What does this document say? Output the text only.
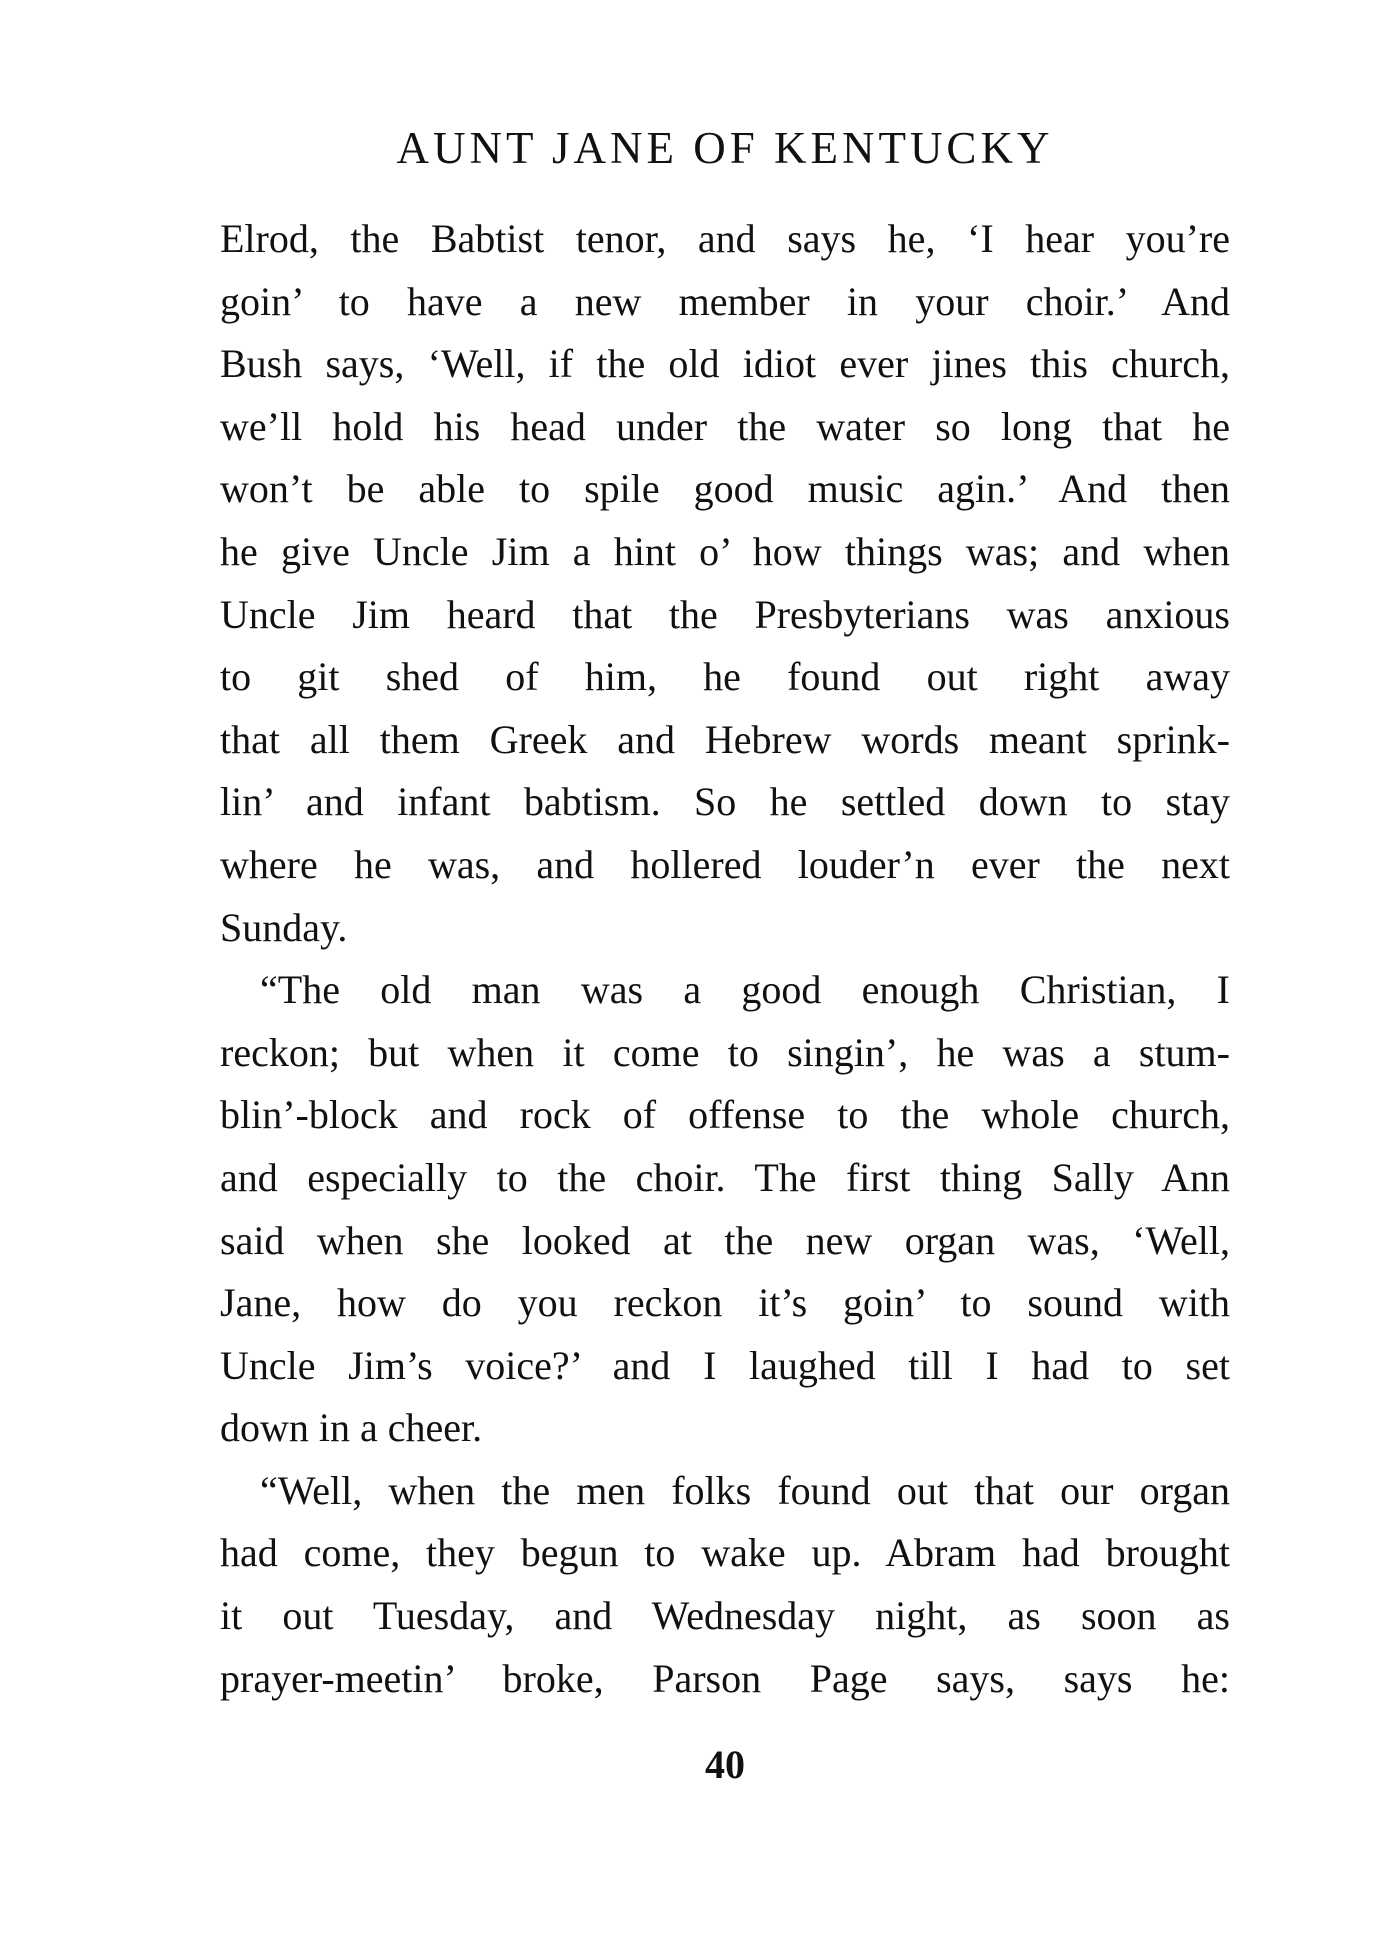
AUNT JANE OF KENTUCKY
Elrod, the Babtist tenor, and says he, ‘I hear you’re
goin’ to have a new member in your choir.’ And
Bush says, ‘Well, if the old idiot ever jines this church,
we’ll hold his head under the water so long that he
won’t be able to spile good music agin.’ And then
he give Uncle Jim a hint o’ how things was; and when
Uncle Jim heard that the Presbyterians was anxious
to git shed of him, he found out right away
that all them Greek and Hebrew words meant sprink-
lin’ and infant babtism. So he settled down to stay
where he was, and hollered louder’n ever the next
Sunday.
“The old man was a good enough Christian, I
reckon; but when it come to singin’, he was a stum-
blin’-block and rock of offense to the whole church,
and especially to the choir. The first thing Sally Ann
said when she looked at the new organ was, ‘Well,
Jane, how do you reckon it’s goin’ to sound with
Uncle Jim’s voice?’ and I laughed till I had to set
down in a cheer.
“Well, when the men folks found out that our organ
had come, they begun to wake up. Abram had brought
it out Tuesday, and Wednesday night, as soon as
prayer-meetin’ broke, Parson Page says, says he:
40
